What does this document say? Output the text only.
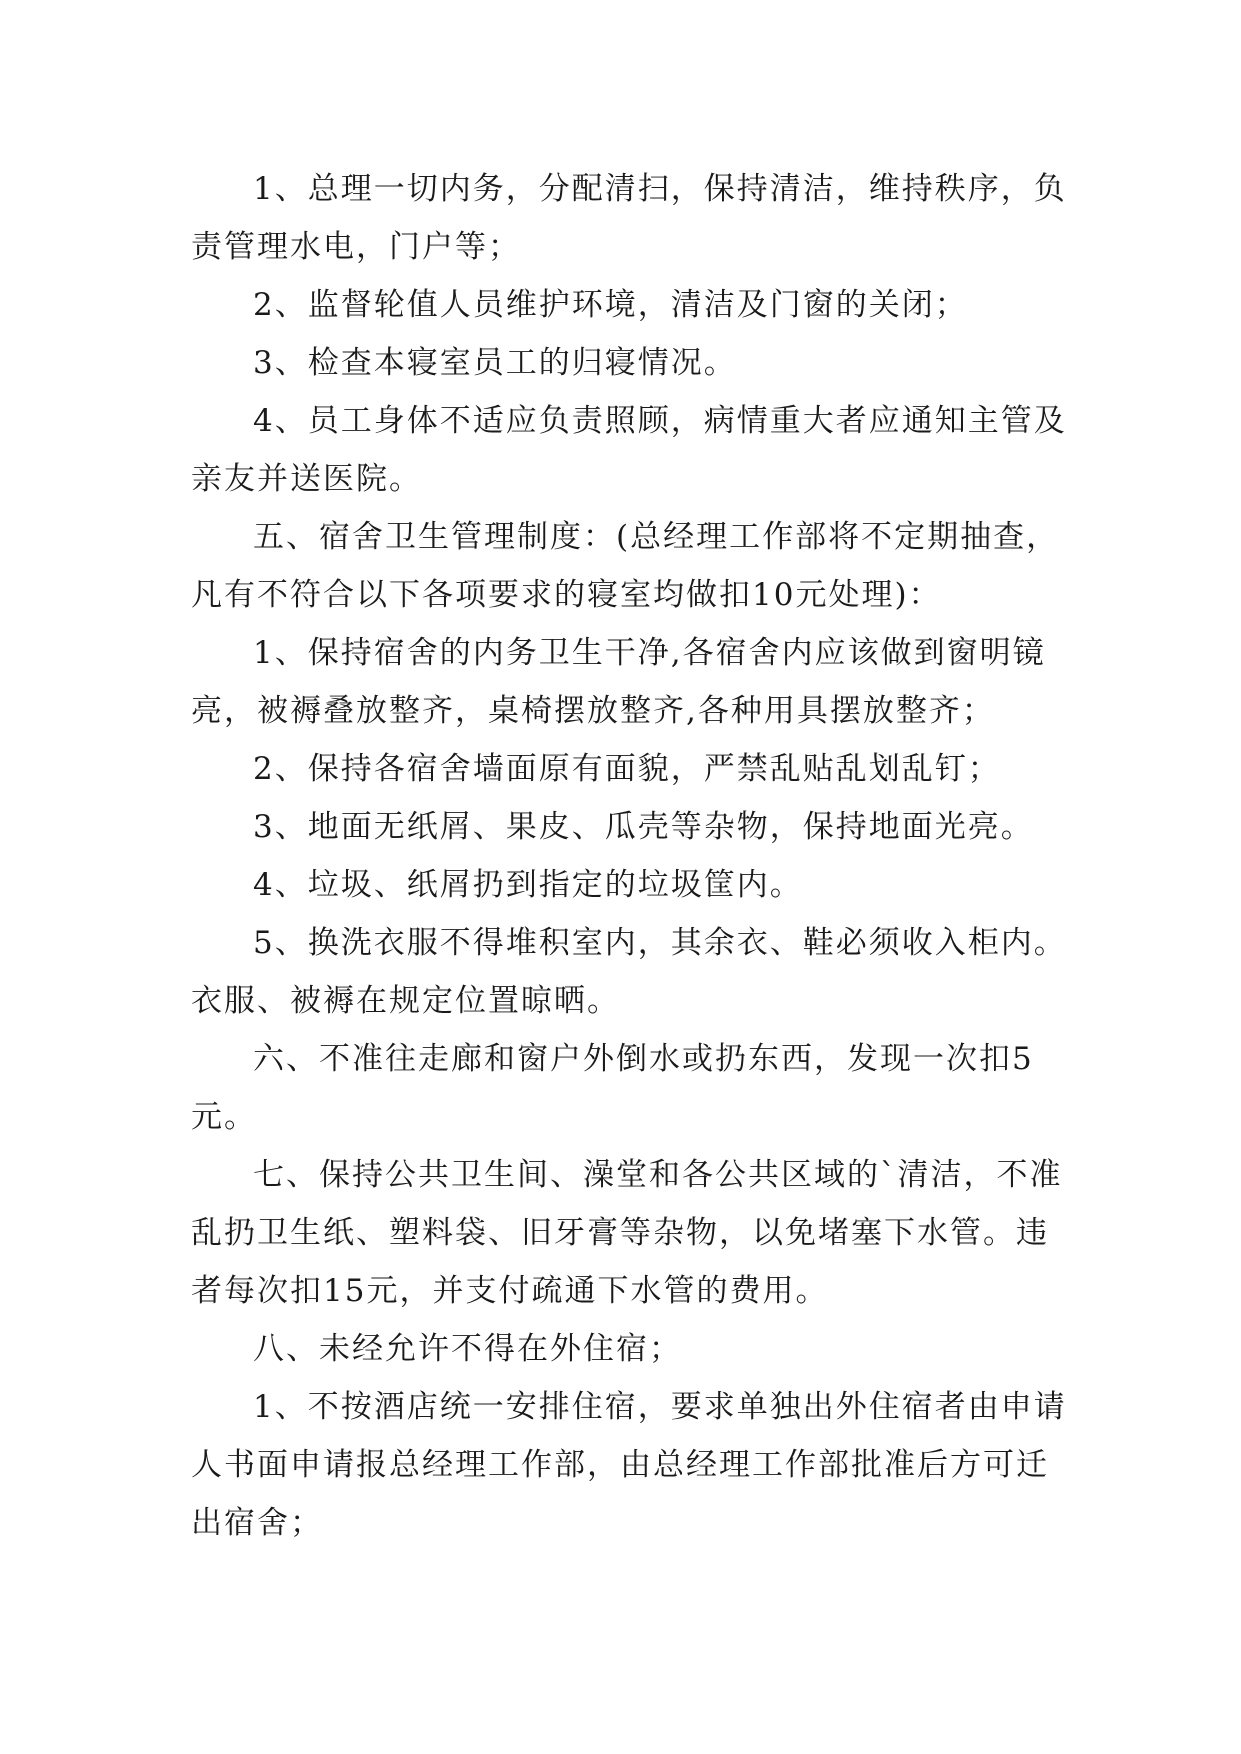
1、总理一切内务，分配清扫，保持清洁，维持秩序，负责管理水电，门户等；

2、监督轮值人员维护环境，清洁及门窗的关闭；

3、检查本寝室员工的归寝情况。

4、员工身体不适应负责照顾，病情重大者应通知主管及亲友并送医院。

五、宿舍卫生管理制度：(总经理工作部将不定期抽查，凡有不符合以下各项要求的寝室均做扣10元处理)：

1、保持宿舍的内务卫生干净,各宿舍内应该做到窗明镜亮，被褥叠放整齐，桌椅摆放整齐,各种用具摆放整齐；

2、保持各宿舍墙面原有面貌，严禁乱贴乱划乱钉；

3、地面无纸屑、果皮、瓜壳等杂物，保持地面光亮。

4、垃圾、纸屑扔到指定的垃圾筐内。

5、换洗衣服不得堆积室内，其余衣、鞋必须收入柜内。衣服、被褥在规定位置晾晒。

六、不准往走廊和窗户外倒水或扔东西，发现一次扣5元。

七、保持公共卫生间、澡堂和各公共区域的`清洁，不准乱扔卫生纸、塑料袋、旧牙膏等杂物，以免堵塞下水管。违者每次扣15元，并支付疏通下水管的费用。

八、未经允许不得在外住宿；

1、不按酒店统一安排住宿，要求单独出外住宿者由申请人书面申请报总经理工作部，由总经理工作部批准后方可迁出宿舍；
